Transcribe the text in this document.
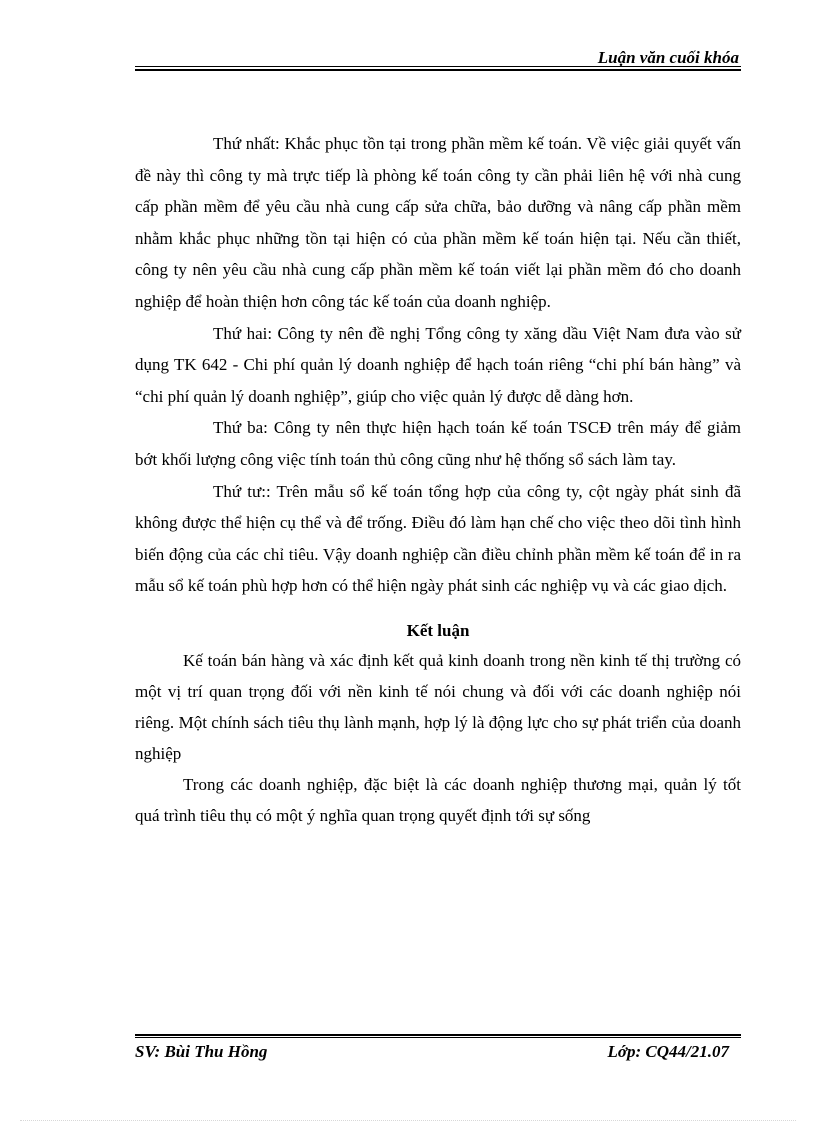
Luận văn cuối khóa

Thứ nhất: Khắc phục tồn tại trong phần mềm kế toán. Về việc giải quyết vấn đề này thì công ty mà trực tiếp là phòng kế toán công ty cần phải liên hệ với nhà cung cấp phần mềm để yêu cầu nhà cung cấp sửa chữa, bảo dưỡng và nâng cấp phần mềm nhằm khắc phục những tồn tại hiện có của phần mềm kế toán hiện tại. Nếu cần thiết, công ty nên yêu cầu nhà cung cấp phần mềm kế toán viết lại phần mềm đó cho doanh nghiệp để hoàn thiện hơn công tác kế toán của doanh nghiệp.

Thứ hai: Công ty nên đề nghị Tổng công ty xăng dầu Việt Nam đưa vào sử dụng TK 642 - Chi phí quản lý doanh nghiệp để hạch toán riêng “chi phí bán hàng” và “chi phí quản lý doanh nghiệp”, giúp cho việc quản lý được dễ dàng hơn.

Thứ ba: Công ty nên thực hiện hạch toán kế toán TSCĐ trên máy để giảm bớt khối lượng công việc tính toán thủ công cũng như hệ thống sổ sách làm tay.

Thứ tư:: Trên mẫu sổ kế toán tổng hợp của công ty, cột ngày phát sinh đã không được thể hiện cụ thể và để trống. Điều đó làm hạn chế cho việc theo dõi tình hình biến động của các chỉ tiêu. Vậy doanh nghiệp cần điều chỉnh phần mềm kế toán để in ra mẫu sổ kế toán phù hợp hơn có thể hiện ngày phát sinh các nghiệp vụ và các giao dịch.

Kết luận

Kế toán bán hàng và xác định kết quả kinh doanh trong nền kinh tế thị trường có một vị trí quan trọng đối với nền kinh tế nói chung và đối với các doanh nghiệp nói riêng. Một chính sách tiêu thụ lành mạnh, hợp lý là động lực cho sự phát triển của doanh nghiệp

Trong các doanh nghiệp, đặc biệt là các doanh nghiệp thương mại, quản lý tốt quá trình tiêu thụ có một ý nghĩa quan trọng quyết định tới sự sống

SV: Bùi Thu Hồng	Lớp: CQ44/21.07
